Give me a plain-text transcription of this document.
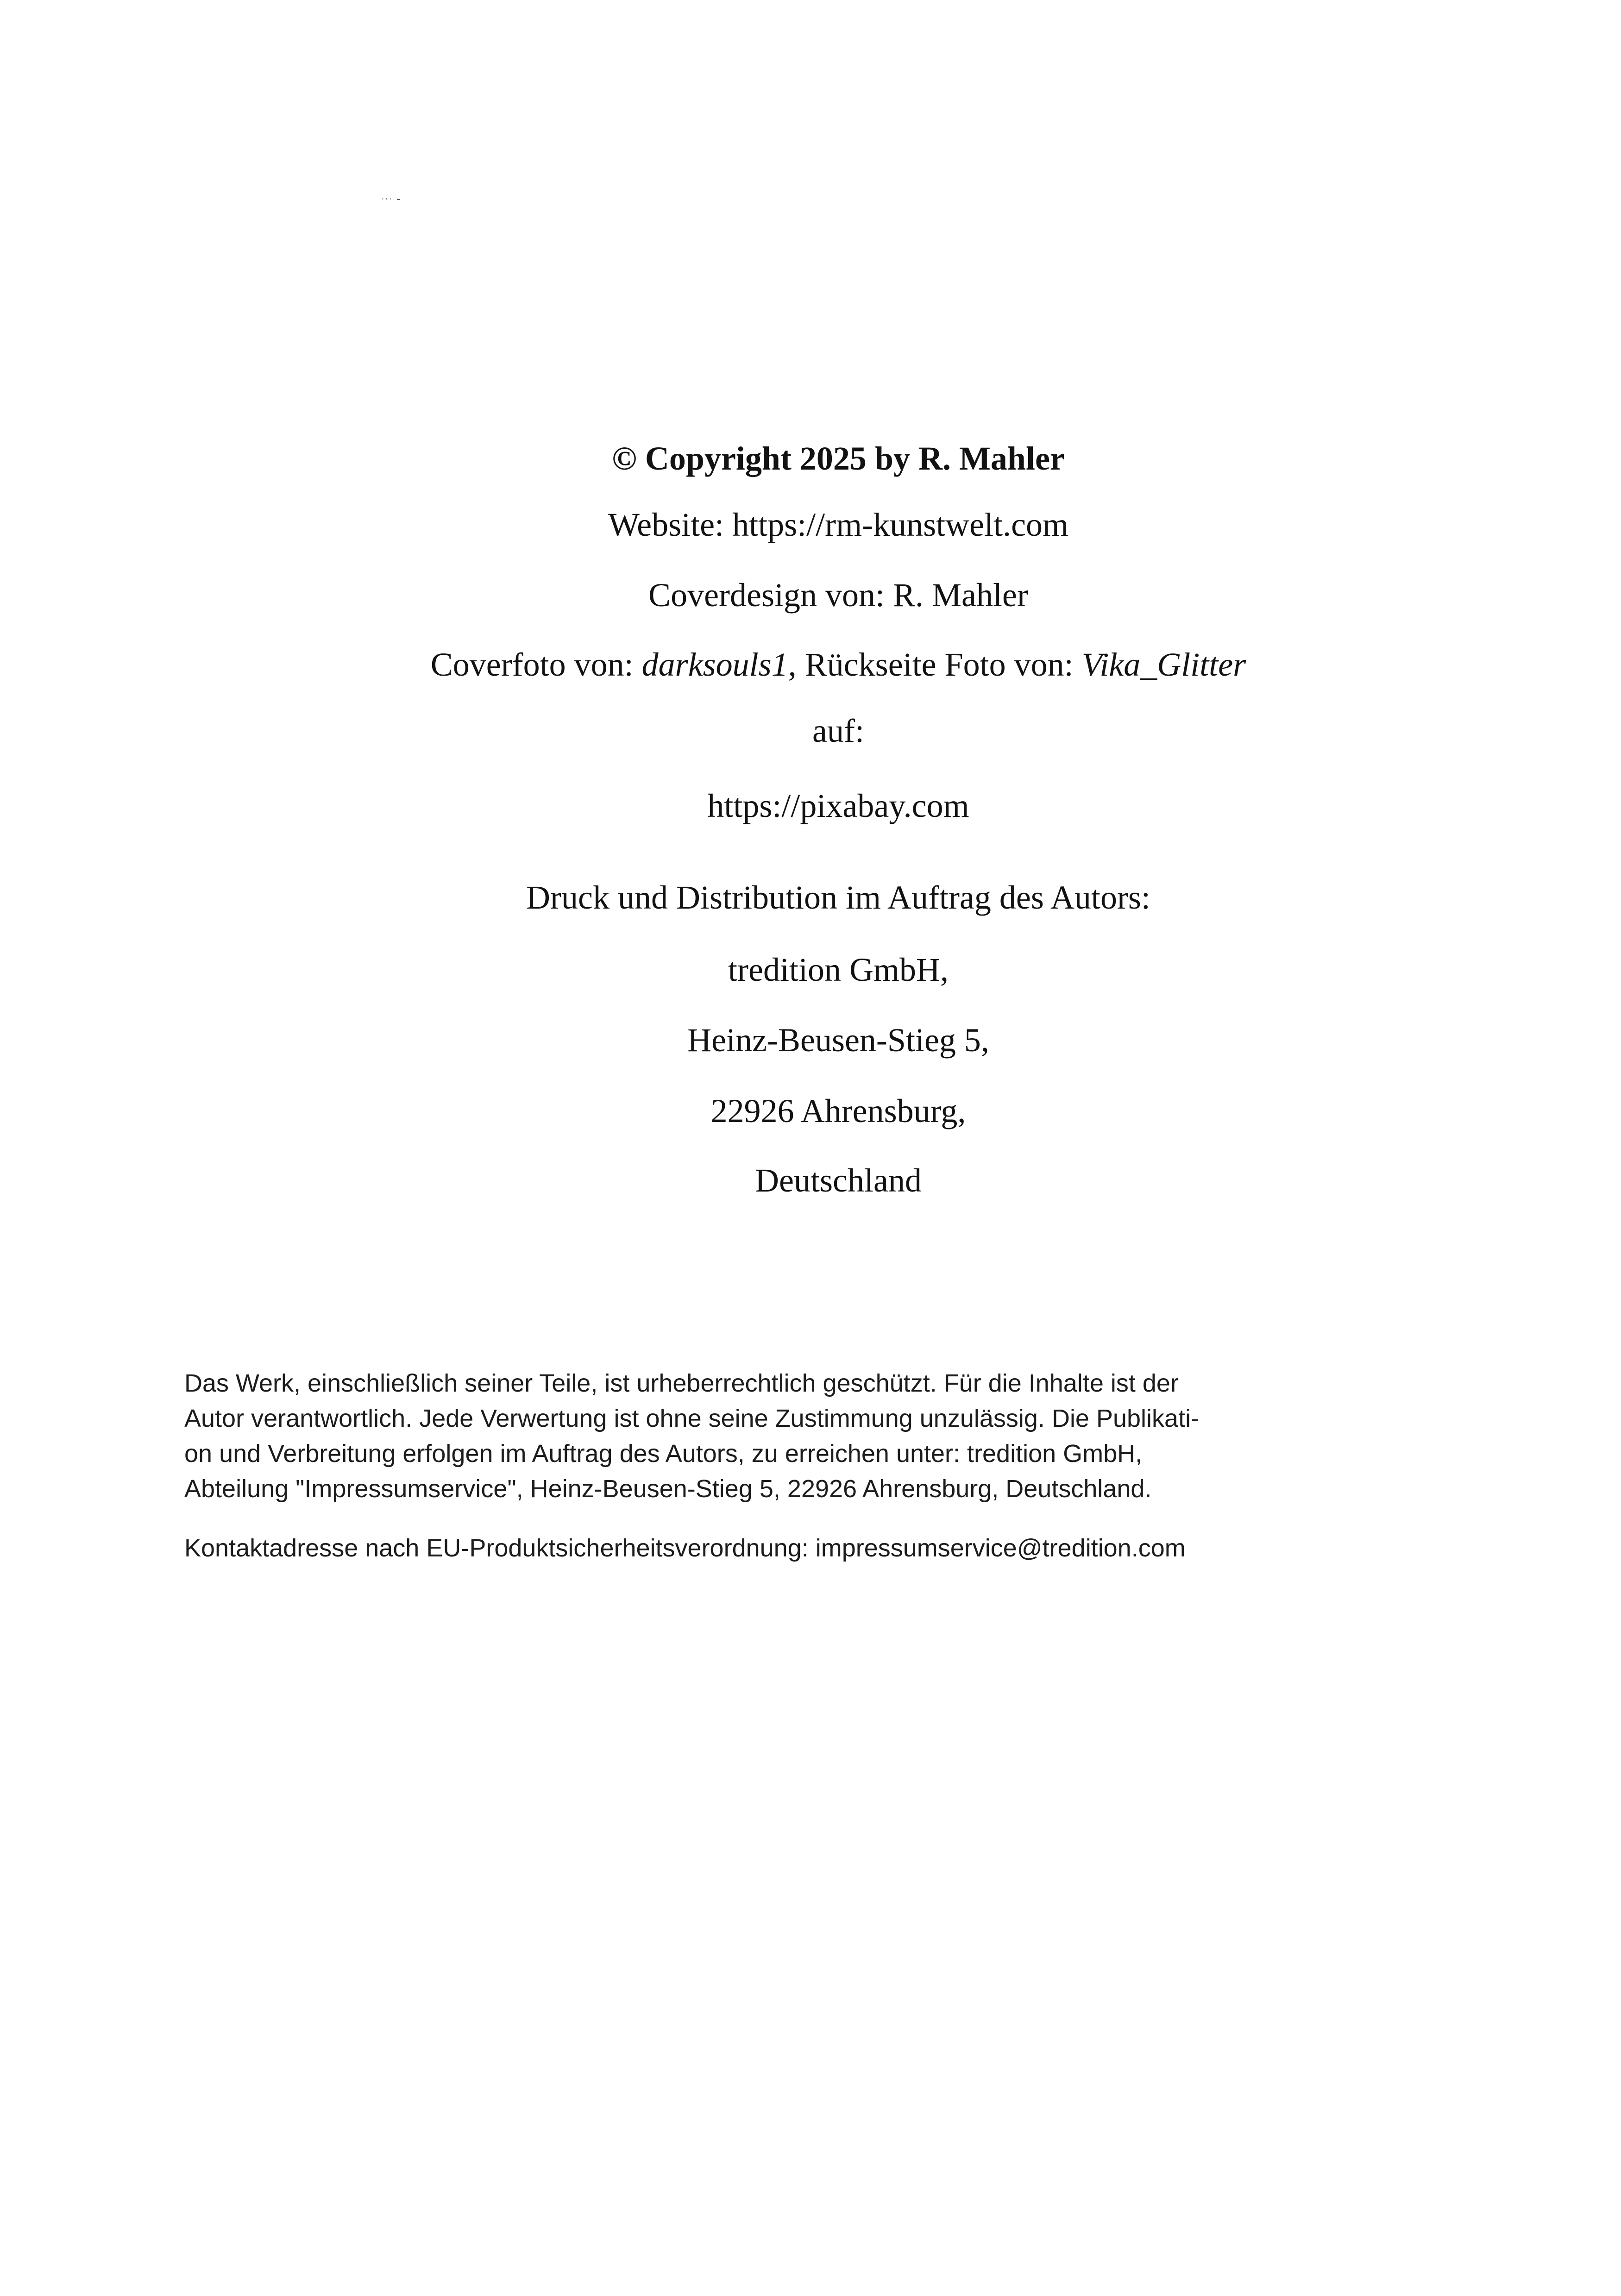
··· –
© Copyright 2025 by R. Mahler
Website: https://rm-kunstwelt.com
Coverdesign von: R. Mahler
Coverfoto von: darksouls1, Rückseite Foto von: Vika_Glitter
auf:
https://pixabay.com
Druck und Distribution im Auftrag des Autors:
tredition GmbH,
Heinz-Beusen-Stieg 5,
22926 Ahrensburg,
Deutschland
Das Werk, einschließlich seiner Teile, ist urheberrechtlich geschützt. Für die Inhalte ist der
Autor verantwortlich. Jede Verwertung ist ohne seine Zustimmung unzulässig. Die Publikati-
on und Verbreitung erfolgen im Auftrag des Autors, zu erreichen unter: tredition GmbH,
Abteilung "Impressumservice", Heinz-Beusen-Stieg 5, 22926 Ahrensburg, Deutschland.
Kontaktadresse nach EU-Produktsicherheitsverordnung: impressumservice@tredition.com
